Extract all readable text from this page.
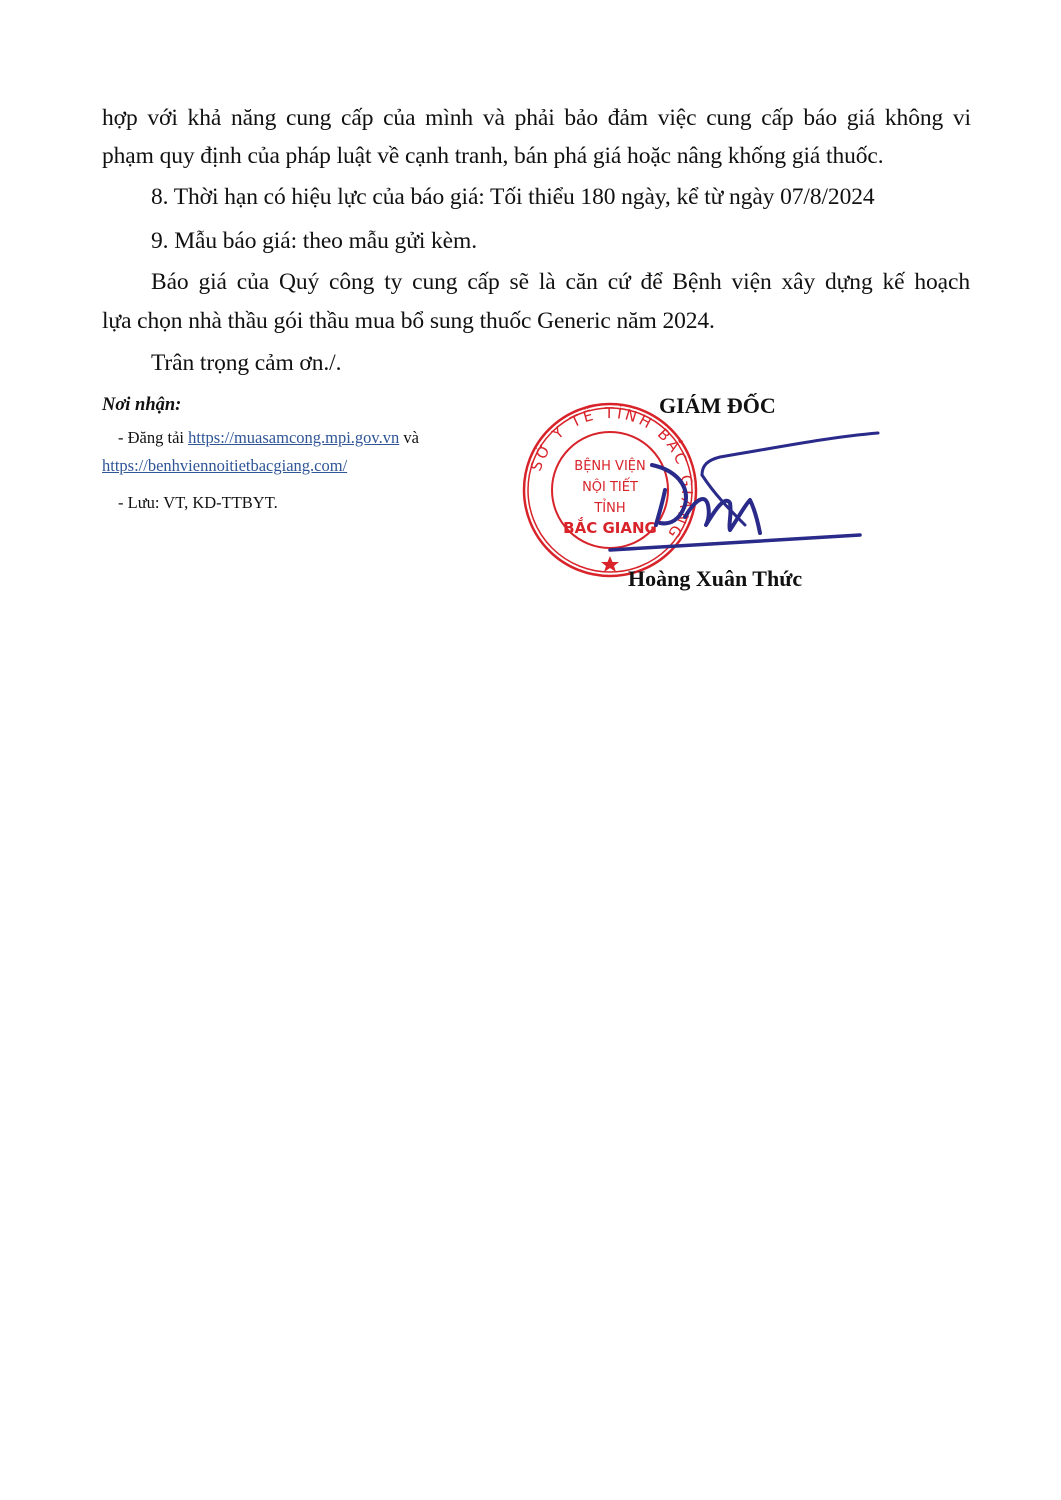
hợp với khả năng cung cấp của mình và phải bảo đảm việc cung cấp báo giá không vi
phạm quy định của pháp luật về cạnh tranh, bán phá giá hoặc nâng khống giá thuốc.
8. Thời hạn có hiệu lực của báo giá: Tối thiểu 180 ngày, kể từ ngày 07/8/2024
9. Mẫu báo giá: theo mẫu gửi kèm.
Báo giá của Quý công ty cung cấp sẽ là căn cứ để Bệnh viện xây dựng kế hoạch
lựa chọn nhà thầu gói thầu mua bổ sung thuốc Generic năm 2024.
Trân trọng cảm ơn./.
Nơi nhận:
- Đăng tải https://muasamcong.mpi.gov.vn và
https://benhviennoitietbacgiang.com/
- Lưu: VT, KD-TTBYT.
GIÁM ĐỐC
SỞ Y TẾ TỈNH BẮC GIANG
BỆNH VIỆN
NỘI TIẾT
TỈNH
BẮC GIANG
Hoàng Xuân Thức
